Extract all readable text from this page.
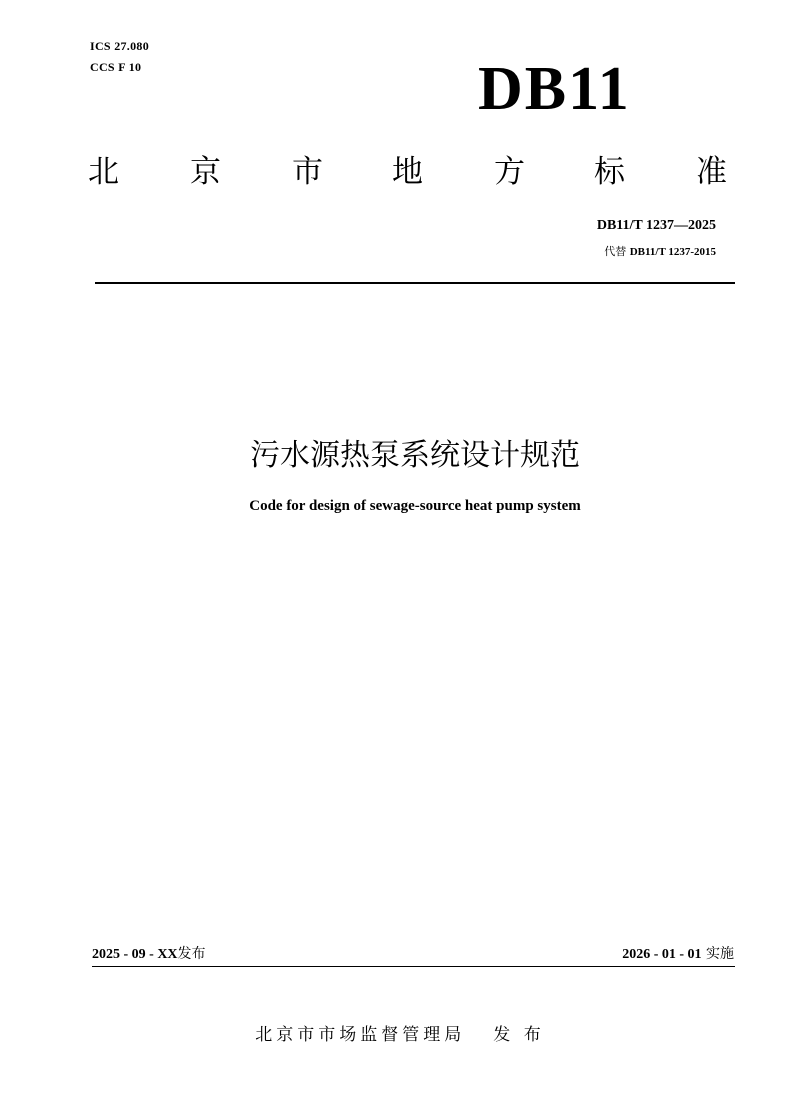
ICS 27.080
CCS F 10	DB11
北 京 市 地 方 标 准
DB11/T 1237—2025
代替 DB11/T 1237-2015
污水源热泵系统设计规范
Code for design of sewage-source heat pump system
2025 - 09 - XX发布	2026 - 01 - 01 实施
北京市市场监督管理局 发 布
